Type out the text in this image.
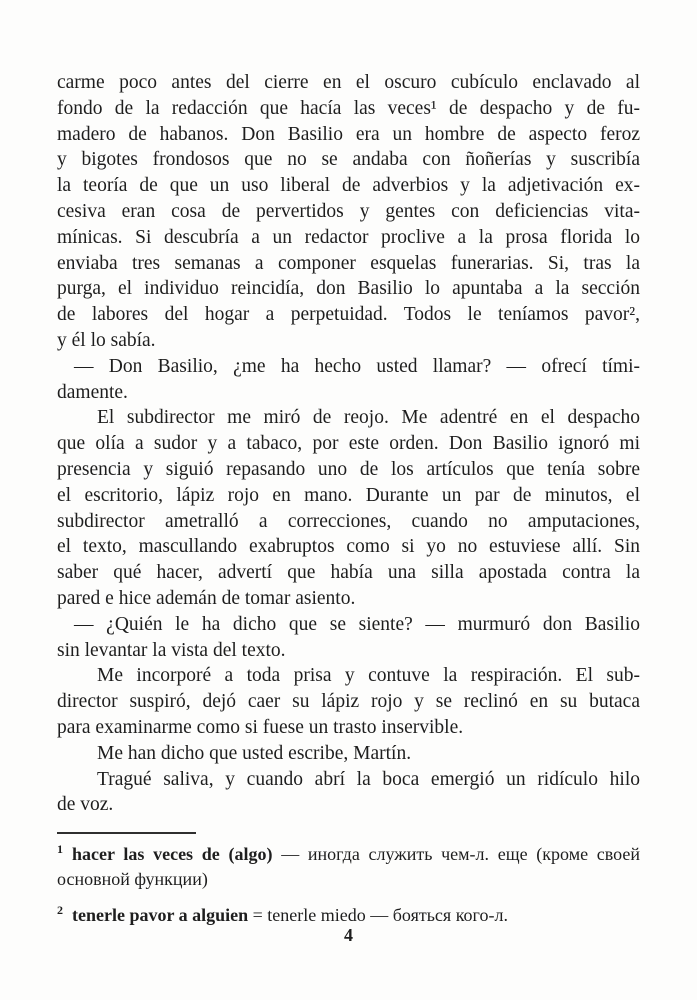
carme poco antes del cierre en el oscuro cubículo enclavado al
fondo de la redacción que hacía las veces¹ de despacho y de fu-
madero de habanos. Don Basilio era un hombre de aspecto feroz
y bigotes frondosos que no se andaba con ñoñerías y suscribía
la teoría de que un uso liberal de adverbios y la adjetivación ex-
cesiva eran cosa de pervertidos y gentes con deficiencias vita-
mínicas. Si descubría a un redactor proclive a la prosa florida lo
enviaba tres semanas a componer esquelas funerarias. Si, tras la
purga, el individuo reincidía, don Basilio lo apuntaba a la sección
de labores del hogar a perpetuidad. Todos le teníamos pavor²,
y él lo sabía.
— Don Basilio, ¿me ha hecho usted llamar? — ofrecí tími-
damente.
El subdirector me miró de reojo. Me adentré en el despacho
que olía a sudor y a tabaco, por este orden. Don Basilio ignoró mi
presencia y siguió repasando uno de los artículos que tenía sobre
el escritorio, lápiz rojo en mano. Durante un par de minutos, el
subdirector ametralló a correcciones, cuando no amputaciones,
el texto, mascullando exabruptos como si yo no estuviese allí. Sin
saber qué hacer, advertí que había una silla apostada contra la
pared e hice ademán de tomar asiento.
— ¿Quién le ha dicho que se siente? — murmuró don Basilio
sin levantar la vista del texto.
Me incorporé a toda prisa y contuve la respiración. El sub-
director suspiró, dejó caer su lápiz rojo y se reclinó en su butaca
para examinarme como si fuese un trasto inservible.
Me han dicho que usted escribe, Martín.
Tragué saliva, y cuando abrí la boca emergió un ridículo hilo
de voz.

$^1$ hacer las veces de (algo) — иногда служить чем-л. еще (кроме своей основной функции)

$^2$ tenerle pavor a alguien = tenerle miedo — бояться кого-л.

4
